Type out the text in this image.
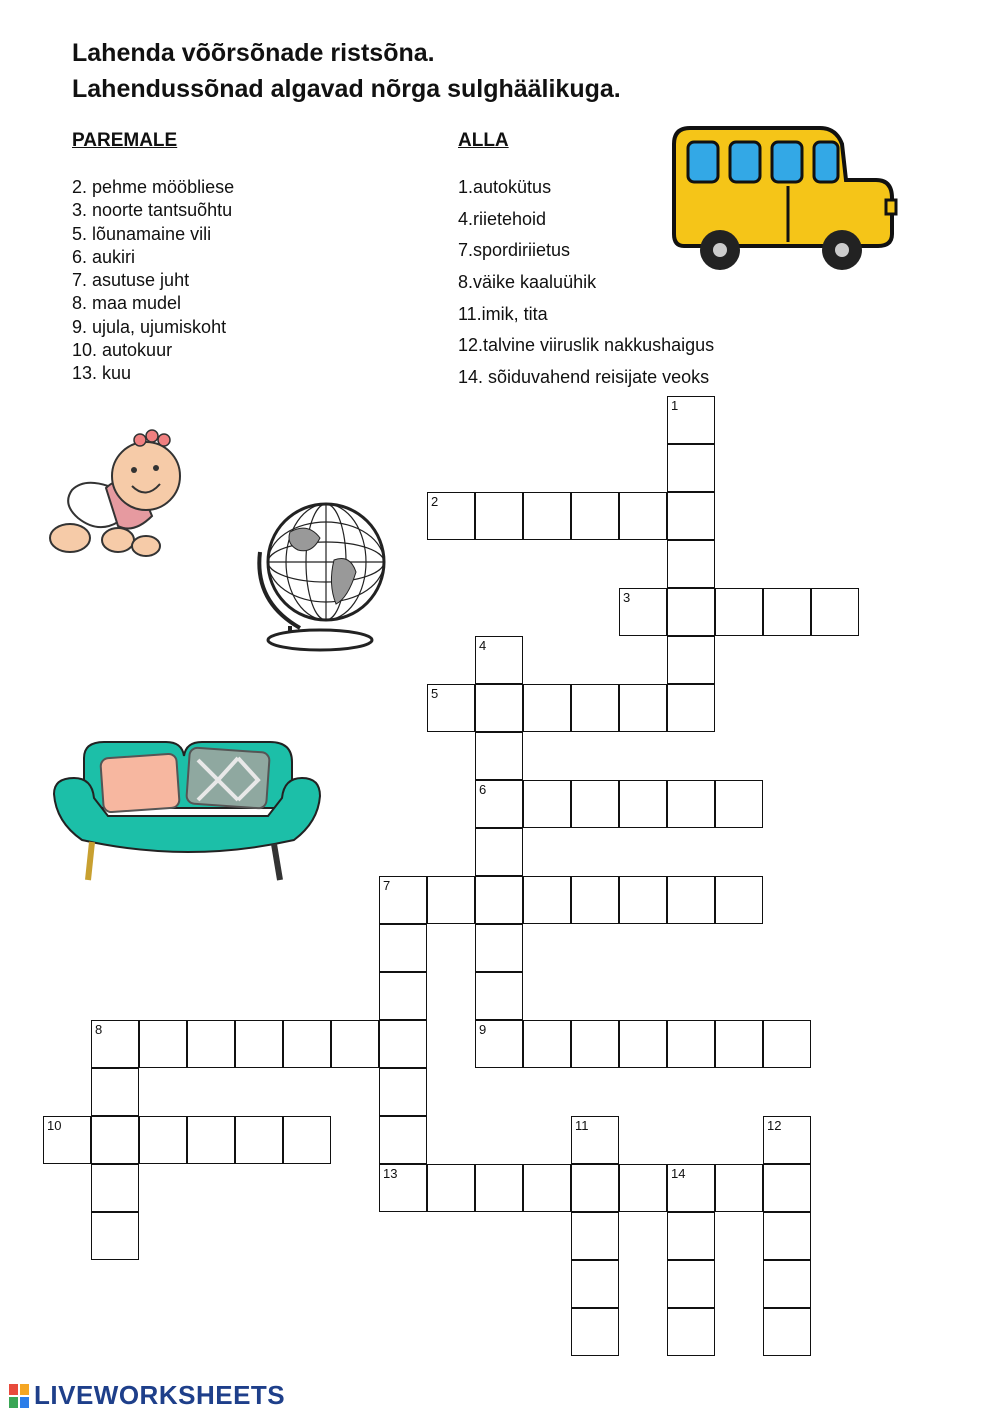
Lahenda võõrsõnade ristsõna.
Lahendussõnad algavad nõrga sulghäälikuga.
PAREMALE
2. pehme mööbliese
3. noorte tantsuõhtu
5. lõunamaine vili
6. aukiri
7. asutuse juht
8. maa mudel
9. ujula, ujumiskoht
10. autokuur
13. kuu
ALLA
1.autokütus
4.riietehoid
7.spordiriietus
8.väike kaaluühik
11.imik, tita
12.talvine viiruslik nakkushaigus
14. sõiduvahend reisijate veoks
1
2
3
4
6
9
5
7
8
10	11	12
13	14
LIVEWORKSHEETS
